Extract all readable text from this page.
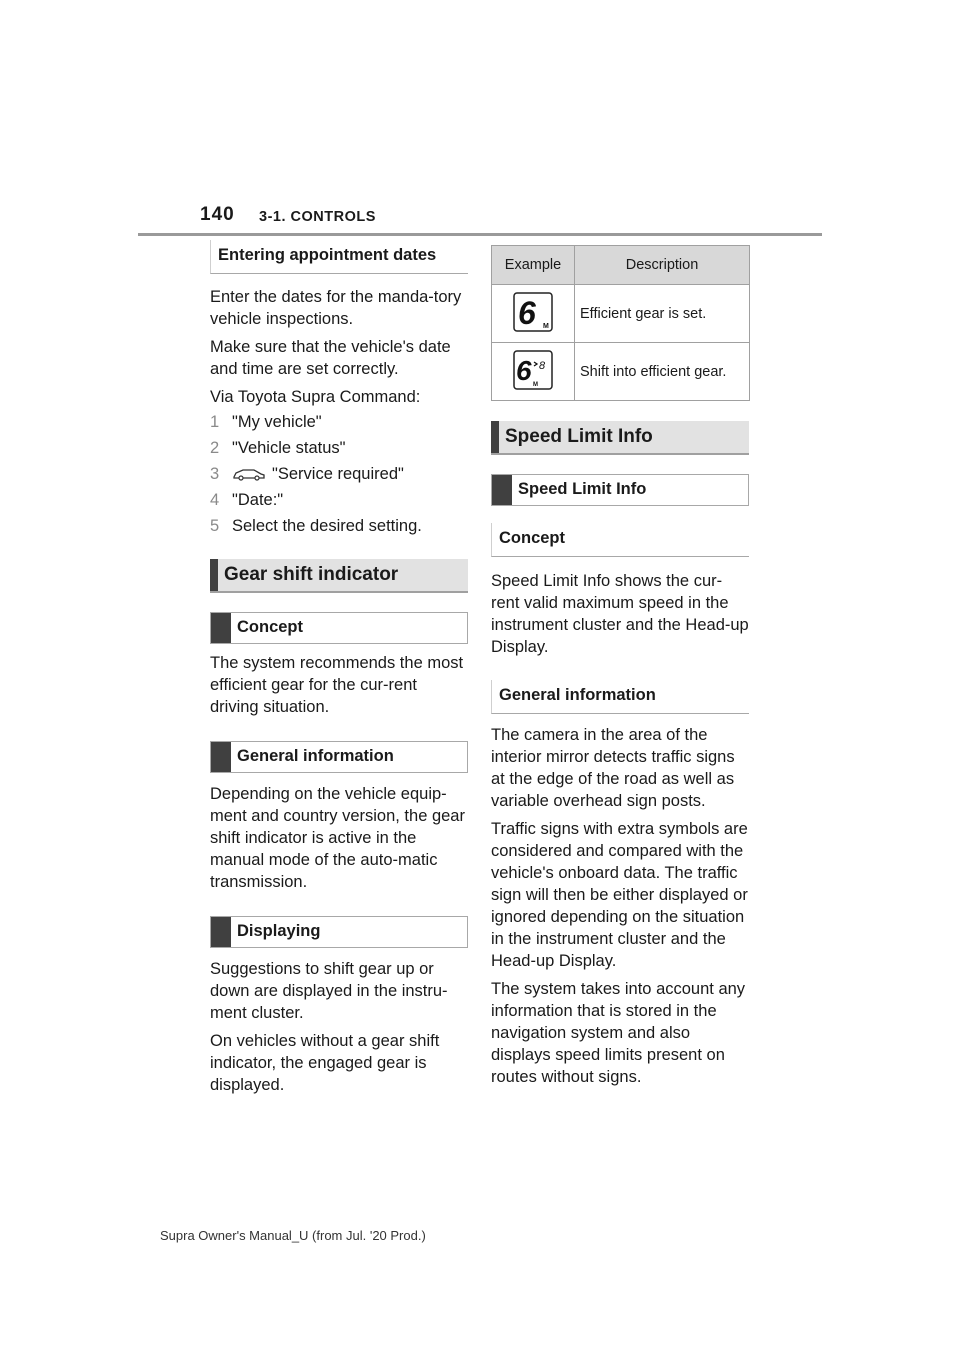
140 3-1. CONTROLS
Entering appointment dates

Enter the dates for the manda-tory vehicle inspections.

Make sure that the vehicle's date and time are set correctly.

Via Toyota Supra Command:

1 "My vehicle"
2 "Vehicle status"
3	"Service required"
4 "Date:"
5 Select the desired setting.
Gear shift indicator
Concept

The system recommends the most efficient gear for the cur-rent driving situation.

General information

Depending on the vehicle equip-ment and country version, the gear shift indicator is active in the manual mode of the auto-matic transmission.

Displaying

Suggestions to shift gear up or down are displayed in the instru-ment cluster.

On vehicles without a gear shift indicator, the engaged gear is displayed.

Example	Description

6 M	Efficient gear is set.

6 8
M	Shift into efficient gear.
Speed Limit Info
Speed Limit Info
Concept

Speed Limit Info shows the cur-rent valid maximum speed in the instrument cluster and the Head-up Display.

General information

The camera in the area of the interior mirror detects traffic signs at the edge of the road as well as variable overhead sign posts.

Traffic signs with extra symbols are considered and compared with the vehicle's onboard data. The traffic sign will then be either displayed or ignored depending on the situation in the instrument cluster and the Head-up Display.

The system takes into account any information that is stored in the navigation system and also displays speed limits present on routes without signs.

Supra Owner's Manual_U (from Jul. '20 Prod.)
